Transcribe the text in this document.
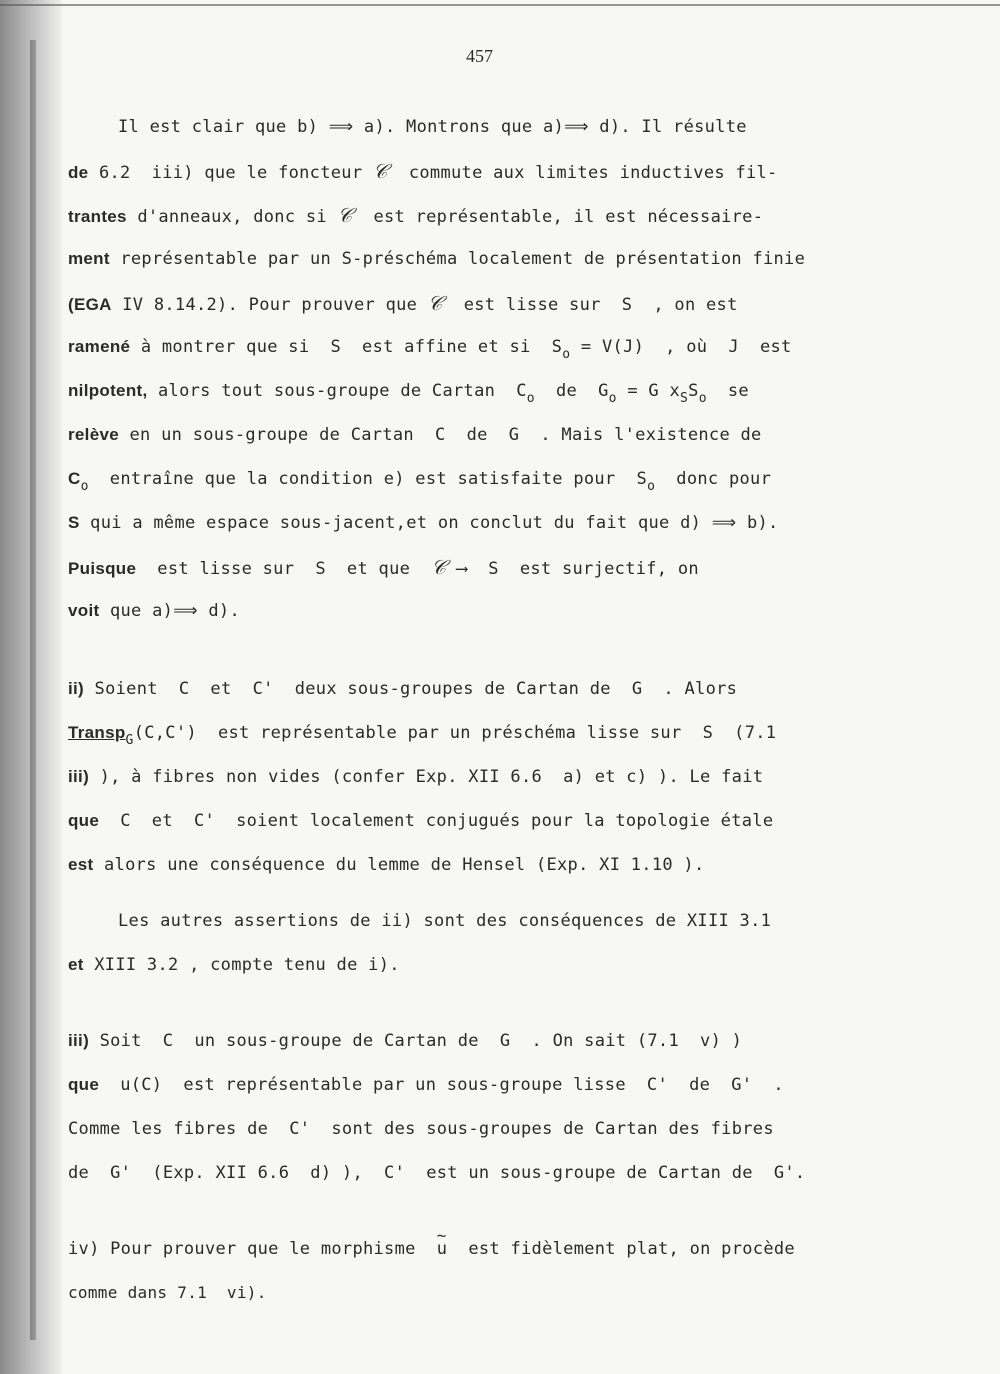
457
Il est clair que b) ⟹ a). Montrons que a)⟹ d). Il résulte
de 6.2  iii) que le foncteur 𝒞  commute aux limites inductives fil-
trantes d'anneaux, donc si 𝒞  est représentable, il est nécessaire-
ment représentable par un S-préschéma localement de présentation finie
(EGA IV 8.14.2). Pour prouver que 𝒞  est lisse sur  S  , on est
ramené à montrer que si  S  est affine et si  $S_o = V(J)$  , où  J  est
nilpotent, alors tout sous-groupe de Cartan  $C_o$  de  $G_o = G$ $x_SS_o$  se
relève en un sous-groupe de Cartan  C  de  G  . Mais l'existence de
$C_o$  entraîne que la condition e) est satisfaite pour  $S_o$  donc pour
S qui a même espace sous-jacent,et on conclut du fait que d) ⟹ b).
Puisque  est lisse sur  S  et que  𝒞 ⟶  S  est surjectif, on
voit que a)⟹ d).
ii) Soient  C  et  C'  deux sous-groupes de Cartan de  G  . Alors
Transp$_G$(C,C')  est représentable par un préschéma lisse sur  S  (7.1
iii) ), à fibres non vides (confer Exp. XII 6.6  a) et c) ). Le fait
que  C  et  C'  soient localement conjugués pour la topologie étale
est alors une conséquence du lemme de Hensel (Exp. XI 1.10 ).
Les autres assertions de ii) sont des conséquences de XIII 3.1
et XIII 3.2 , compte tenu de i).
iii) Soit  C  un sous-groupe de Cartan de  G  . On sait (7.1  v) )
que  u(C)  est représentable par un sous-groupe lisse  C'  de  G'  .
Comme les fibres de  C'  sont des sous-groupes de Cartan des fibres
de  G'  (Exp. XII 6.6  d) ),  C'  est un sous-groupe de Cartan de  G'.
iv) Pour prouver que le morphisme  ~ u  est fidèlement plat, on procède
comme dans 7.1  vi).
